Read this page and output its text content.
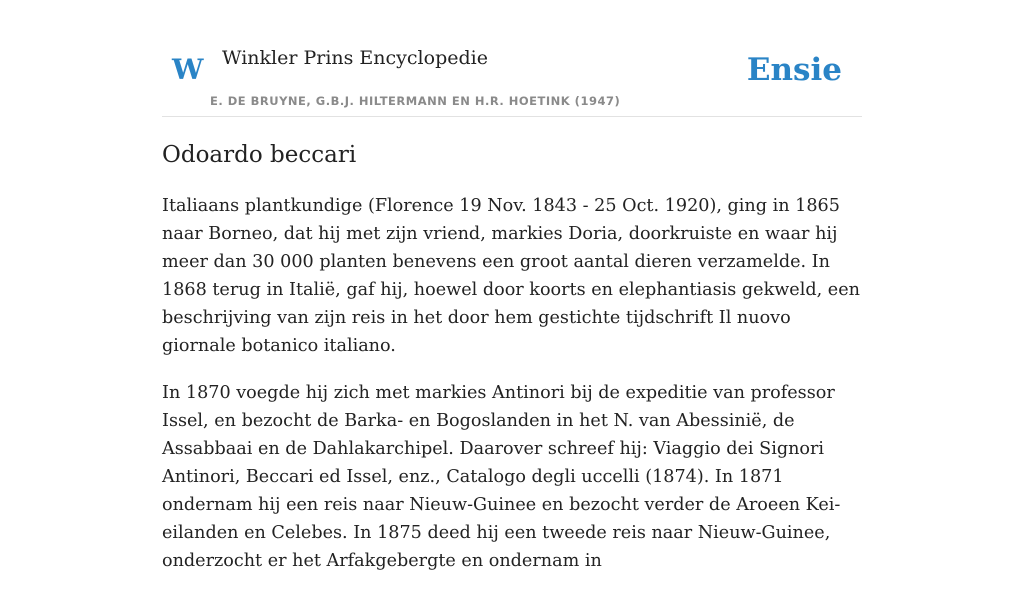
W Winkler Prins Encyclopedie
E. DE BRUYNE, G.B.J. HILTERMANN EN H.R. HOETINK (1947)
Ensie
Odoardo beccari

Italiaans plantkundige (Florence 19 Nov. 1843 - 25 Oct. 1920), ging in 1865 naar Borneo, dat hij met zijn vriend, markies Doria, doorkruiste en waar hij meer dan 30 000 planten benevens een groot aantal dieren verzamelde. In 1868 terug in Italië, gaf hij, hoewel door koorts en elephantiasis gekweld, een beschrijving van zijn reis in het door hem gestichte tijdschrift Il nuovo giornale botanico italiano.

In 1870 voegde hij zich met markies Antinori bij de expeditie van professor Issel, en bezocht de Barka- en Bogoslanden in het N. van Abessinië, de Assabbaai en de Dahlakarchipel. Daarover schreef hij: Viaggio dei Signori Antinori, Beccari ed Issel, enz., Catalogo degli uccelli (1874). In 1871 ondernam hij een reis naar Nieuw-Guinee en bezocht verder de Aroeen Kei-eilanden en Celebes. In 1875 deed hij een tweede reis naar Nieuw-Guinee, onderzocht er het Arfakgebergte en ondernam in
